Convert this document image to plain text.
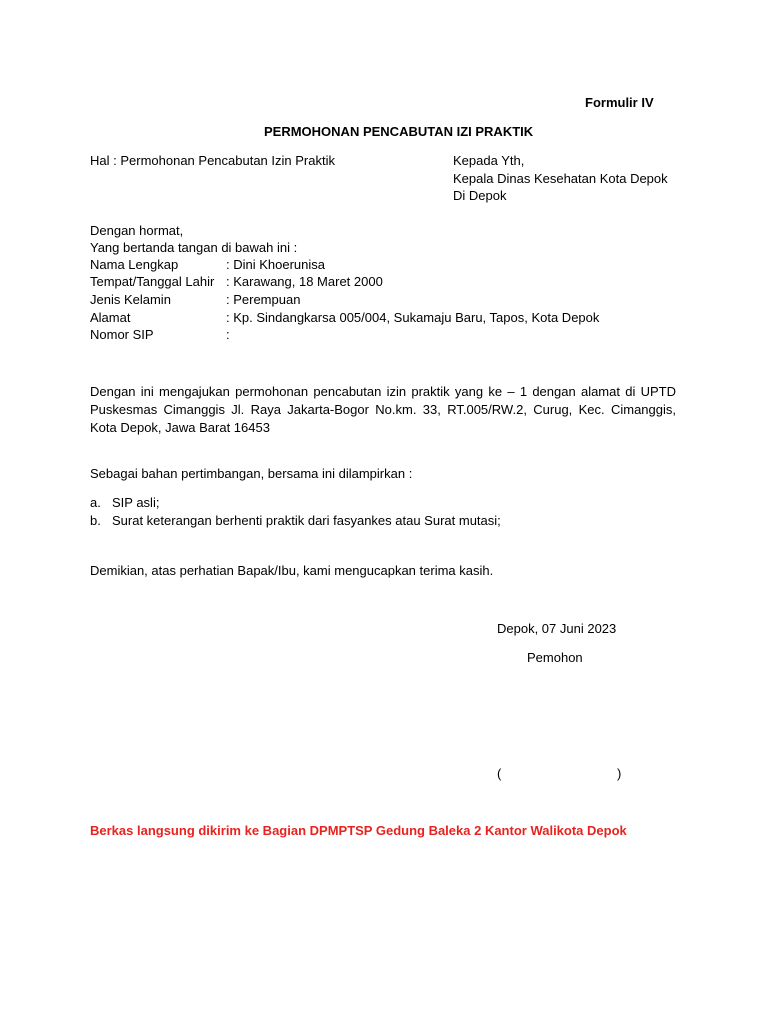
Formulir IV
PERMOHONAN PENCABUTAN IZI PRAKTIK
Hal : Permohonan Pencabutan Izin Praktik	Kepada Yth,
Kepala Dinas Kesehatan Kota Depok
Di Depok
Dengan hormat,
Yang bertanda tangan di bawah ini :
Nama Lengkap	: Dini Khoerunisa
Tempat/Tanggal Lahir : Karawang, 18 Maret 2000
Jenis Kelamin	: Perempuan
Alamat	: Kp. Sindangkarsa 005/004, Sukamaju Baru, Tapos, Kota Depok
Nomor SIP	:
Dengan ini mengajukan permohonan pencabutan izin praktik yang ke – 1 dengan alamat di UPTD Puskesmas Cimanggis Jl. Raya Jakarta-Bogor No.km. 33, RT.005/RW.2, Curug, Kec. Cimanggis, Kota Depok, Jawa Barat 16453
Sebagai bahan pertimbangan, bersama ini dilampirkan :
a. SIP asli;
b. Surat keterangan berhenti praktik dari fasyankes atau Surat mutasi;
Demikian, atas perhatian Bapak/Ibu, kami mengucapkan terima kasih.
Depok, 07 Juni 2023
Pemohon
(	)
Berkas langsung dikirim ke Bagian DPMPTSP Gedung Baleka 2 Kantor Walikota Depok
